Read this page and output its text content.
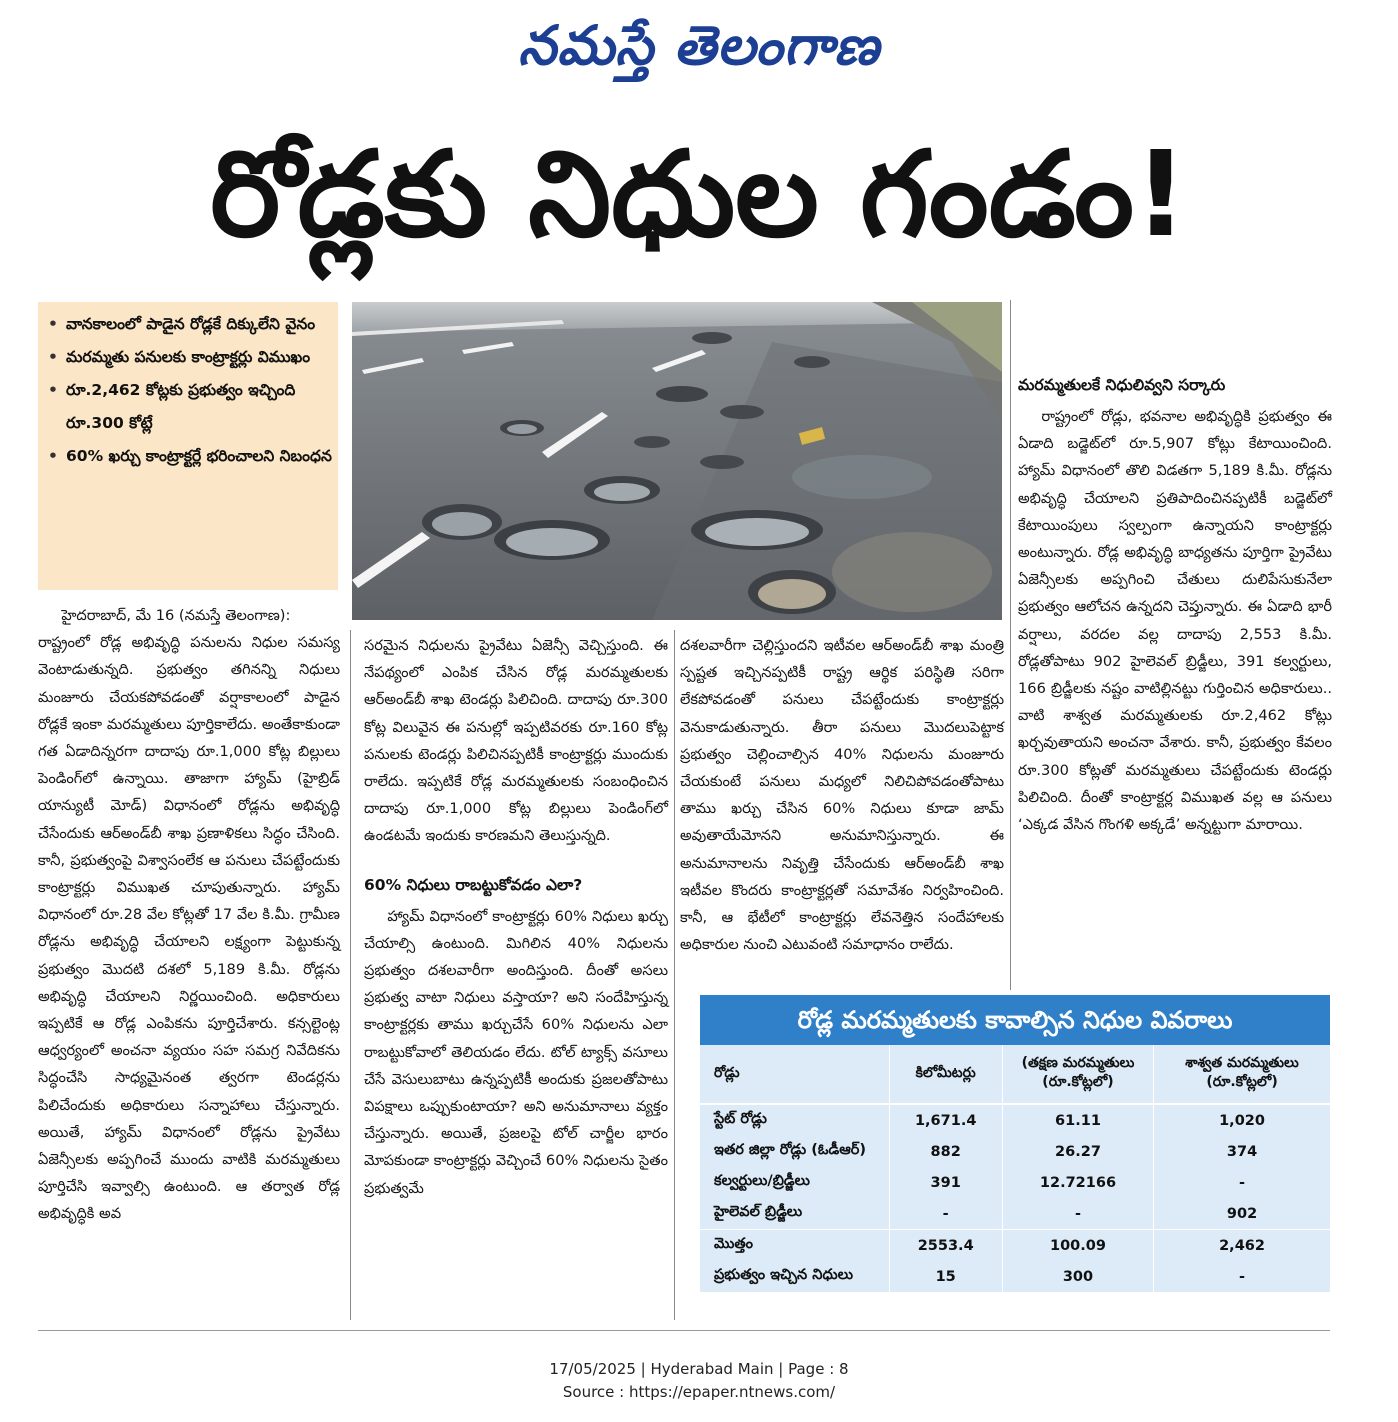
నమస్తే తెలంగాణ
రోడ్లకు నిధుల గండం!
• వానకాలంలో పాడైన రోడ్లకే దిక్కులేని వైనం
• మరమ్మతు పనులకు కాంట్రాక్టర్లు విముఖం
• రూ.2,462 కోట్లకు ప్రభుత్వం ఇచ్చింది రూ.300 కోట్లే
• 60% ఖర్చు కాంట్రాక్టర్లే భరించాలని నిబంధన

హైదరాబాద్, మే 16 (నమస్తే తెలంగాణ):

రాష్ట్రంలో రోడ్ల అభివృద్ధి పనులను నిధుల సమస్య వెంటాడుతున్నది. ప్రభుత్వం తగినన్ని నిధులు మంజూరు చేయకపోవడంతో వర్షాకాలంలో పాడైన రోడ్లకే ఇంకా మరమ్మతులు పూర్తికాలేదు. అంతేకాకుండా గత ఏడాదిన్నరగా దాదాపు రూ.1,000 కోట్ల బిల్లులు పెండింగ్‌లో ఉన్నాయి. తాజాగా హ్యామ్ (హైబ్రిడ్ యాన్యుటీ మోడ్) విధానంలో రోడ్లను అభివృద్ధి చేసేందుకు ఆర్‌అండ్‌బీ శాఖ ప్రణాళికలు సిద్ధం చేసింది. కానీ, ప్రభుత్వంపై విశ్వాసంలేక ఆ పనులు చేపట్టేందుకు కాంట్రాక్టర్లు విముఖత చూపుతున్నారు. హ్యామ్ విధానంలో రూ.28 వేల కోట్లతో 17 వేల కి.మీ. గ్రామీణ రోడ్లను అభివృద్ధి చేయాలని లక్ష్యంగా పెట్టుకున్న ప్రభుత్వం మొదటి దశలో 5,189 కి.మీ. రోడ్లను అభివృద్ధి చేయాలని నిర్ణయించింది. అధికారులు ఇప్పటికే ఆ రోడ్ల ఎంపికను పూర్తిచేశారు. కన్సల్టెంట్ల ఆధ్వర్యంలో అంచనా వ్యయం సహ సమగ్ర నివేదికను సిద్ధంచేసి సాధ్యమైనంత త్వరగా టెండర్లను పిలిచేందుకు అధికారులు సన్నాహాలు చేస్తున్నారు. అయితే, హ్యామ్ విధానంలో రోడ్లను ప్రైవేటు ఏజెన్సీలకు అప్పగించే ముందు వాటికి మరమ్మతులు పూర్తిచేసి ఇవ్వాల్సి ఉంటుంది. ఆ తర్వాత రోడ్ల అభివృద్ధికి అవ

సరమైన నిధులను ప్రైవేటు ఏజెన్సీ వెచ్చిస్తుంది. ఈ నేపథ్యంలో ఎంపిక చేసిన రోడ్ల మరమ్మతులకు ఆర్‌అండ్‌బీ శాఖ టెండర్లు పిలిచింది. దాదాపు రూ.300 కోట్ల విలువైన ఈ పనుల్లో ఇప్పటివరకు రూ.160 కోట్ల పనులకు టెండర్లు పిలిచినప్పటికీ కాంట్రాక్టర్లు ముందుకు రాలేదు. ఇప్పటికే రోడ్ల మరమ్మతులకు సంబంధించిన దాదాపు రూ.1,000 కోట్ల బిల్లులు పెండింగ్‌లో ఉండటమే ఇందుకు కారణమని తెలుస్తున్నది.

60% నిధులు రాబట్టుకోవడం ఎలా?

హ్యామ్ విధానంలో కాంట్రాక్టర్లు 60% నిధులు ఖర్చు చేయాల్సి ఉంటుంది. మిగిలిన 40% నిధులను ప్రభుత్వం దశలవారీగా అందిస్తుంది. దీంతో అసలు ప్రభుత్వ వాటా నిధులు వస్తాయా? అని సందేహిస్తున్న కాంట్రాక్టర్లకు తాము ఖర్చుచేసే 60% నిధులను ఎలా రాబట్టుకోవాలో తెలియడం లేదు. టోల్ ట్యాక్స్ వసూలు చేసే వెసులుబాటు ఉన్నప్పటికీ అందుకు ప్రజలతోపాటు విపక్షాలు ఒప్పుకుంటాయా? అని అనుమానాలు వ్యక్తం చేస్తున్నారు. అయితే, ప్రజలపై టోల్ చార్జీల భారం మోపకుండా కాంట్రాక్టర్లు వెచ్చించే 60% నిధులను సైతం ప్రభుత్వమే

దశలవారీగా చెల్లిస్తుందని ఇటీవల ఆర్‌అండ్‌బీ శాఖ మంత్రి స్పష్టత ఇచ్చినప్పటికీ రాష్ట్ర ఆర్థిక పరిస్థితి సరిగా లేకపోవడంతో పనులు చేపట్టేందుకు కాంట్రాక్టర్లు వెనుకాడుతున్నారు. తీరా పనులు మొదలుపెట్టాక ప్రభుత్వం చెల్లించాల్సిన 40% నిధులను మంజూరు చేయకుంటే పనులు మధ్యలో నిలిచిపోవడంతోపాటు తాము ఖర్చు చేసిన 60% నిధులు కూడా జామ్ అవుతాయేమోనని అనుమానిస్తున్నారు. ఈ అనుమానాలను నివృత్తి చేసేందుకు ఆర్‌అండ్‌బీ శాఖ ఇటీవల కొందరు కాంట్రాక్టర్లతో సమావేశం నిర్వహించింది. కానీ, ఆ భేటీలో కాంట్రాక్టర్లు లేవనెత్తిన సందేహాలకు అధికారుల నుంచి ఎటువంటి సమాధానం రాలేదు.

మరమ్మతులకే నిధులివ్వని సర్కారు

రాష్ట్రంలో రోడ్లు, భవనాల అభివృద్ధికి ప్రభుత్వం ఈ ఏడాది బడ్జెట్‌లో రూ.5,907 కోట్లు కేటాయించింది. హ్యామ్ విధానంలో తొలి విడతగా 5,189 కి.మీ. రోడ్లను అభివృద్ధి చేయాలని ప్రతిపాదించినప్పటికీ బడ్జెట్‌లో కేటాయింపులు స్వల్పంగా ఉన్నాయని కాంట్రాక్టర్లు అంటున్నారు. రోడ్ల అభివృద్ధి బాధ్యతను పూర్తిగా ప్రైవేటు ఏజెన్సీలకు అప్పగించి చేతులు దులిపేసుకునేలా ప్రభుత్వం ఆలోచన ఉన్నదని చెప్తున్నారు. ఈ ఏడాది భారీ వర్షాలు, వరదల వల్ల దాదాపు 2,553 కి.మీ. రోడ్లతోపాటు 902 హైలెవల్ బ్రిడ్జీలు, 391 కల్వర్టులు, 166 బ్రిడ్జీలకు నష్టం వాటిల్లినట్టు గుర్తించిన అధికారులు.. వాటి శాశ్వత మరమ్మతులకు రూ.2,462 కోట్లు ఖర్చవుతాయని అంచనా వేశారు. కానీ, ప్రభుత్వం కేవలం రూ.300 కోట్లతో మరమ్మతులు చేపట్టేందుకు టెండర్లు పిలిచింది. దీంతో కాంట్రాక్టర్ల విముఖత వల్ల ఆ పనులు ‘ఎక్కడ వేసిన గొంగళి అక్కడే’ అన్నట్టుగా మారాయి.

రోడ్ల మరమ్మతులకు కావాల్సిన నిధుల వివరాలు
రోడ్లు	కిలోమీటర్లు	(తక్షణ మరమ్మతులు (రూ.కోట్లలో)	శాశ్వత మరమ్మతులు (రూ.కోట్లలో)
స్టేట్ రోడ్లు	1,671.4	61.11	1,020
ఇతర జిల్లా రోడ్లు (ఓడీఆర్)	882	26.27	374
కల్వర్టులు/బ్రిడ్జీలు	391	12.72166	-
హైలెవల్ బ్రిడ్జీలు	-	-	902
మొత్తం	2553.4	100.09	2,462
ప్రభుత్వం ఇచ్చిన నిధులు	15	300	-
17/05/2025 | Hyderabad Main | Page : 8
Source : https://epaper.ntnews.com/
